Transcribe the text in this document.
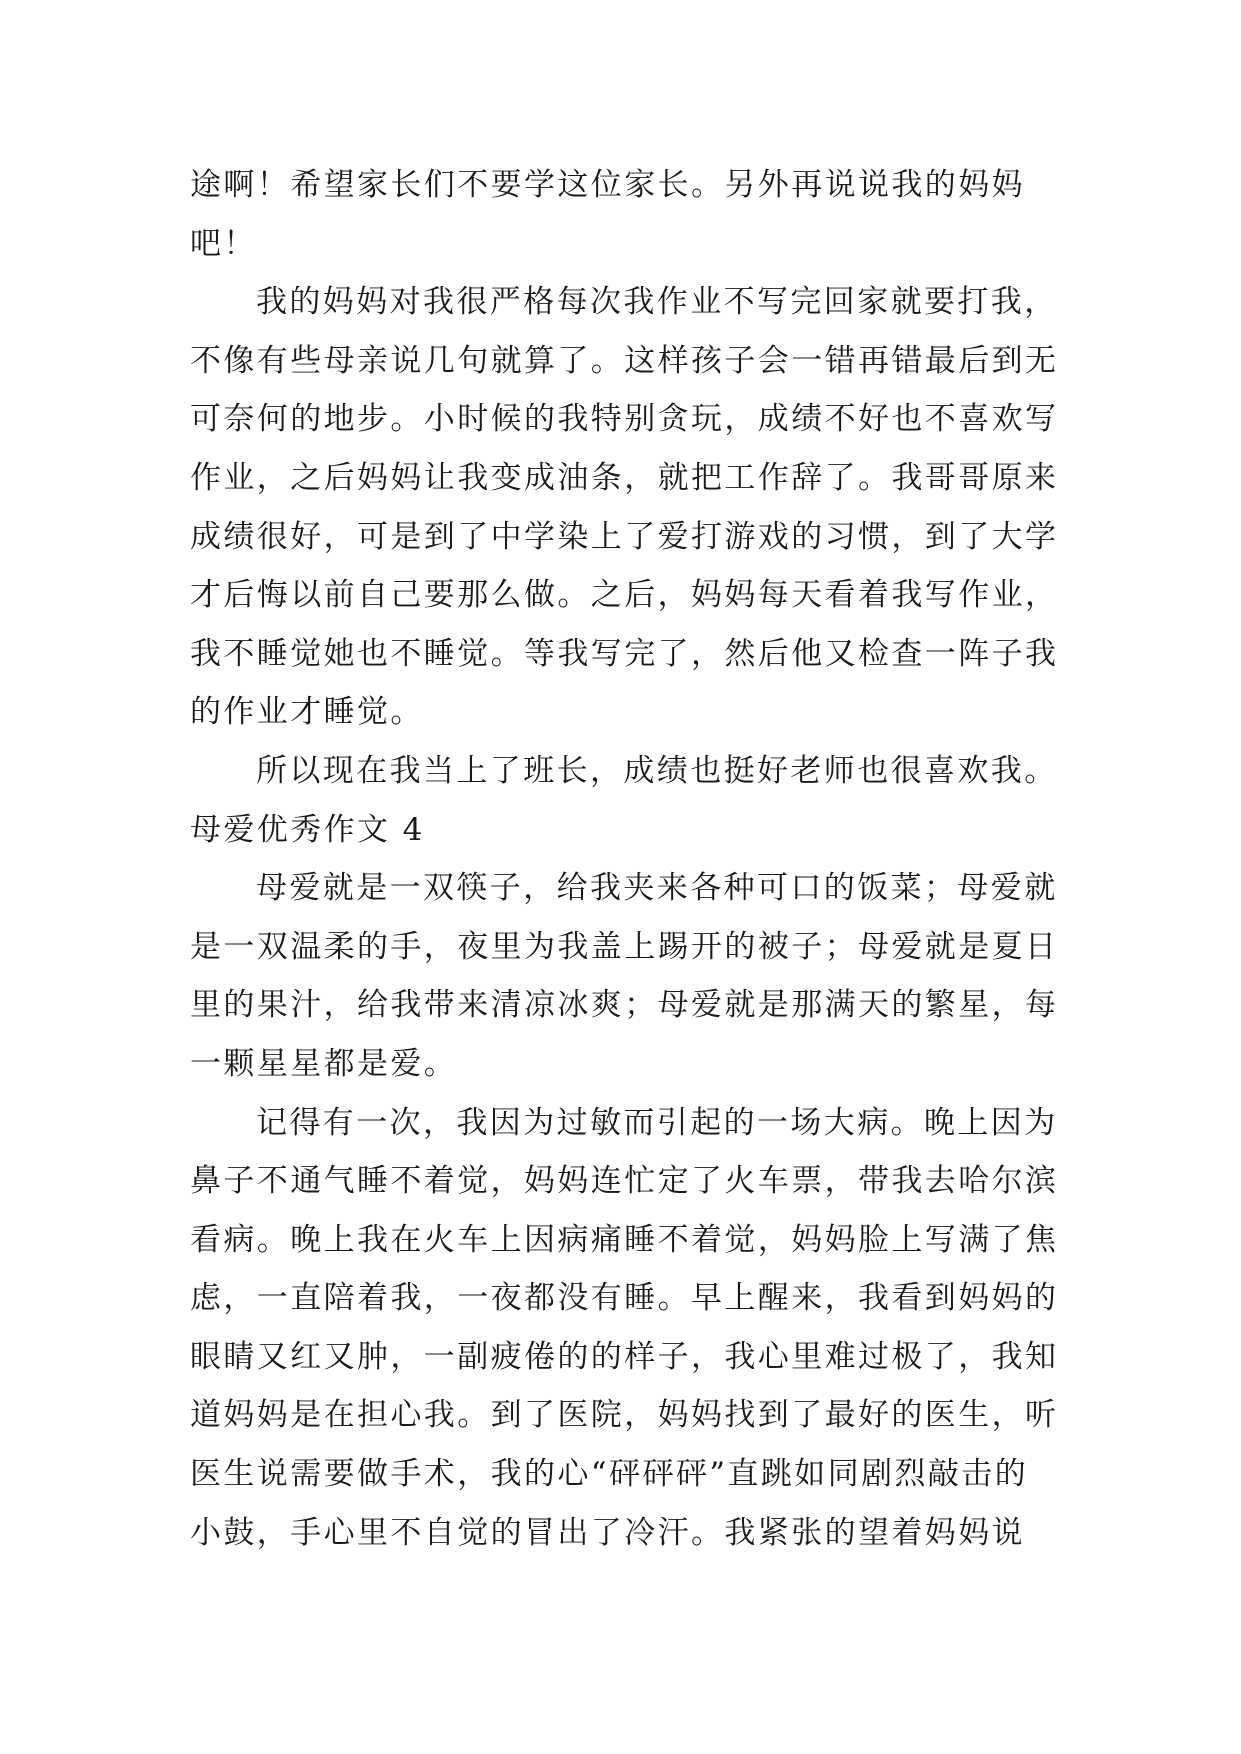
途啊！希望家长们不要学这位家长。另外再说说我的妈妈
吧！
我的妈妈对我很严格每次我作业不写完回家就要打我，
不像有些母亲说几句就算了。这样孩子会一错再错最后到无
可奈何的地步。小时候的我特别贪玩，成绩不好也不喜欢写
作业，之后妈妈让我变成油条，就把工作辞了。我哥哥原来
成绩很好，可是到了中学染上了爱打游戏的习惯，到了大学
才后悔以前自己要那么做。之后，妈妈每天看着我写作业，
我不睡觉她也不睡觉。等我写完了，然后他又检查一阵子我
的作业才睡觉。
所以现在我当上了班长，成绩也挺好老师也很喜欢我。
母爱优秀作文 4
母爱就是一双筷子，给我夹来各种可口的饭菜；母爱就
是一双温柔的手，夜里为我盖上踢开的被子；母爱就是夏日
里的果汁，给我带来清凉冰爽；母爱就是那满天的繁星，每
一颗星星都是爱。
记得有一次，我因为过敏而引起的一场大病。晚上因为
鼻子不通气睡不着觉，妈妈连忙定了火车票，带我去哈尔滨
看病。晚上我在火车上因病痛睡不着觉，妈妈脸上写满了焦
虑，一直陪着我，一夜都没有睡。早上醒来，我看到妈妈的
眼睛又红又肿，一副疲倦的的样子，我心里难过极了，我知
道妈妈是在担心我。到了医院，妈妈找到了最好的医生，听
医生说需要做手术，我的心“砰砰砰”直跳如同剧烈敲击的
小鼓，手心里不自觉的冒出了冷汗。我紧张的望着妈妈说
